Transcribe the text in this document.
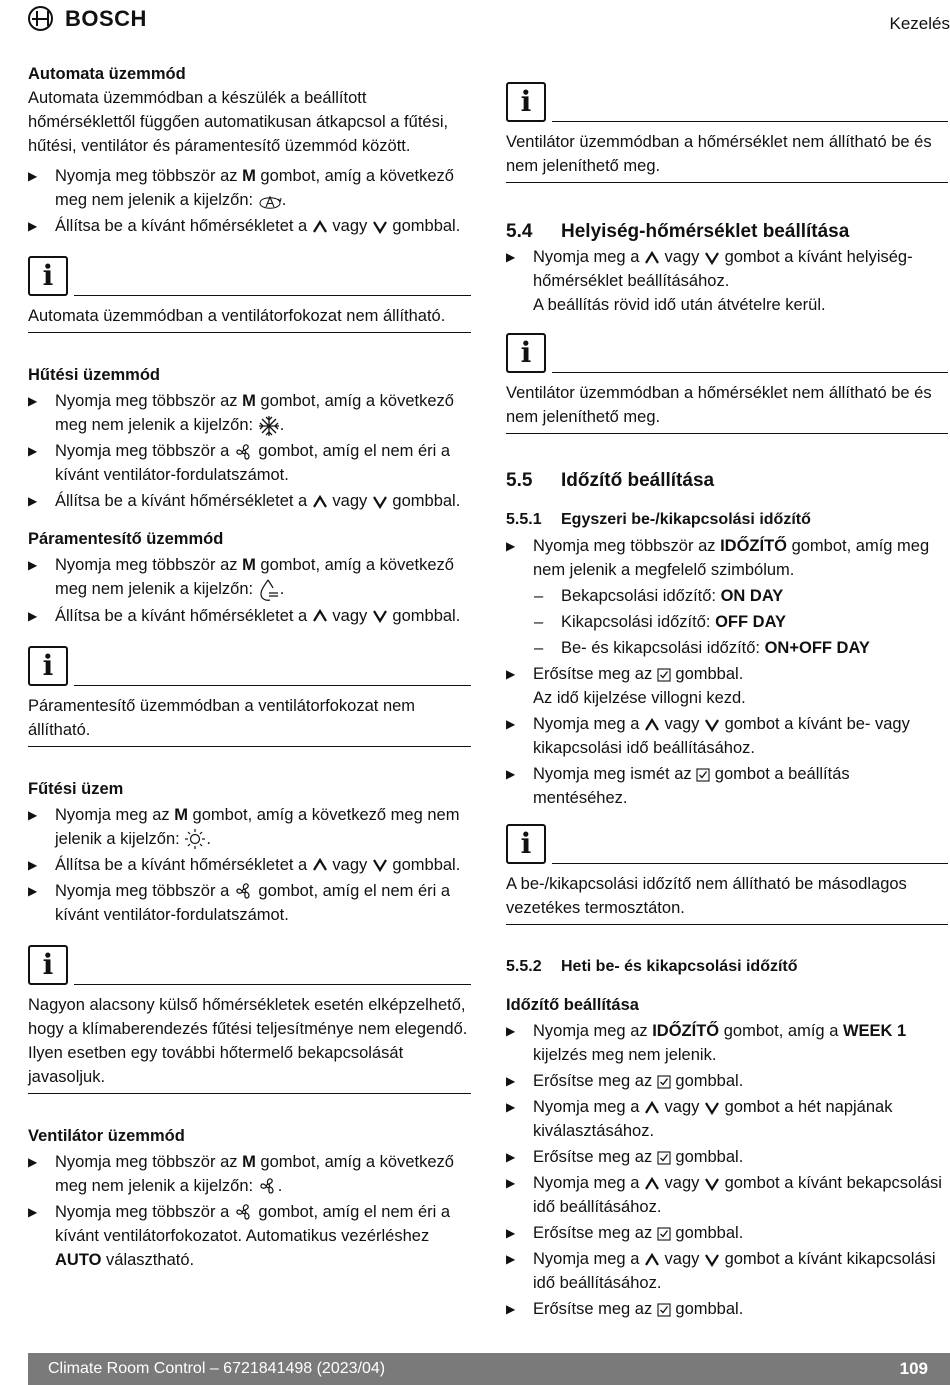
BOSCH	Kezelés
Automata üzemmód

Automata üzemmódban a készülék a beállított hőmérséklettől függően automatikusan átkapcsol a fűtési, hűtési, ventilátor és páramentesítő üzemmód között.

▶ Nyomja meg többször az M gombot, amíg a következő meg nem jelenik a kijelzőn: .

▶ Állítsa be a kívánt hőmérsékletet a  vagy  gombbal.

i
Automata üzemmódban a ventilátorfokozat nem állítható.
Hűtési üzemmód

▶ Nyomja meg többször az M gombot, amíg a következő meg nem jelenik a kijelzőn: .

▶ Nyomja meg többször a  gombot, amíg el nem éri a kívánt ventilátor-fordulatszámot.

▶ Állítsa be a kívánt hőmérsékletet a  vagy  gombbal.

Páramentesítő üzemmód

▶ Nyomja meg többször az M gombot, amíg a következő meg nem jelenik a kijelzőn: .

▶ Állítsa be a kívánt hőmérsékletet a  vagy  gombbal.

i
Páramentesítő üzemmódban a ventilátorfokozat nem állítható.
Fűtési üzem

▶ Nyomja meg az M gombot, amíg a következő meg nem jelenik a kijelzőn: .

▶ Állítsa be a kívánt hőmérsékletet a  vagy  gombbal.

▶ Nyomja meg többször a  gombot, amíg el nem éri a kívánt ventilátor-fordulatszámot.

i
Nagyon alacsony külső hőmérsékletek esetén elképzelhető, hogy a klímaberendezés fűtési teljesítménye nem elegendő. Ilyen esetben egy további hőtermelő bekapcsolását javasoljuk.
Ventilátor üzemmód

▶ Nyomja meg többször az M gombot, amíg a következő meg nem jelenik a kijelzőn: .

▶ Nyomja meg többször a  gombot, amíg el nem éri a kívánt ventilátorfokozatot. Automatikus vezérléshez AUTO választható.

i
Ventilátor üzemmódban a hőmérséklet nem állítható be és nem jeleníthető meg.
5.4 Helyiség-hőmérséklet beállítása

▶ Nyomja meg a  vagy  gombot a kívánt helyiség-hőmérséklet beállításához.

A beállítás rövid idő után átvételre kerül.

i
Ventilátor üzemmódban a hőmérséklet nem állítható be és nem jeleníthető meg.
5.5 Időzítő beállítása
5.5.1 Egyszeri be-/kikapcsolási időzítő

▶ Nyomja meg többször az IDŐZÍTŐ gombot, amíg meg nem jelenik a megfelelő szimbólum.

– Bekapcsolási időzítő: ON DAY

– Kikapcsolási időzítő: OFF DAY

– Be- és kikapcsolási időzítő: ON+OFF DAY

▶ Erősítse meg az  gombbal.

Az idő kijelzése villogni kezd.

▶ Nyomja meg a  vagy  gombot a kívánt be- vagy kikapcsolási idő beállításához.

▶ Nyomja meg ismét az  gombot a beállítás mentéséhez.

i
A be-/kikapcsolási időzítő nem állítható be másodlagos vezetékes termosztáton.
5.5.2 Heti be- és kikapcsolási időzítő
Időzítő beállítása

▶ Nyomja meg az IDŐZÍTŐ gombot, amíg a WEEK 1 kijelzés meg nem jelenik.

▶ Erősítse meg az  gombbal.

▶ Nyomja meg a  vagy  gombot a hét napjának kiválasztásához.

▶ Erősítse meg az  gombbal.

▶ Nyomja meg a  vagy  gombot a kívánt bekapcsolási idő beállításához.

▶ Erősítse meg az  gombbal.

▶ Nyomja meg a  vagy  gombot a kívánt kikapcsolási idő beállításához.

▶ Erősítse meg az  gombbal.

Climate Room Control – 6721841498 (2023/04)	109
